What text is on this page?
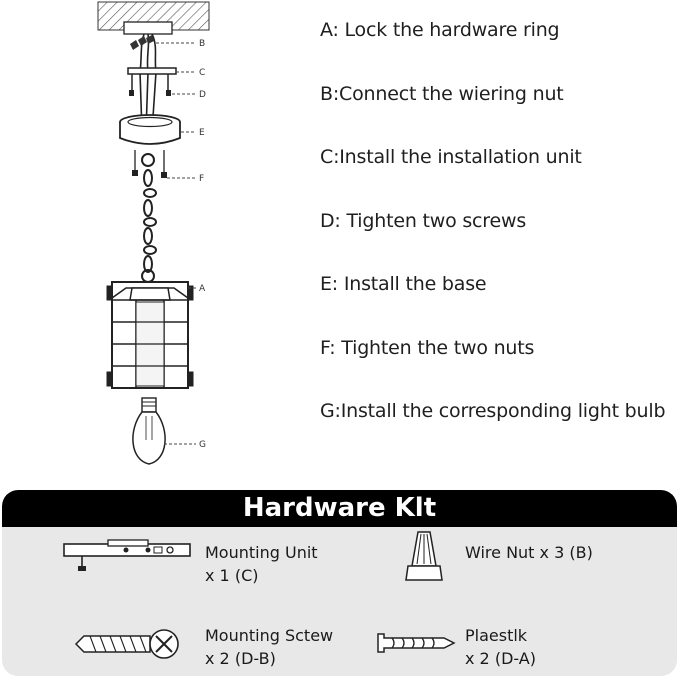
B
C
D
E
F
A
G
A: Lock the hardware ring
B:Connect the wiering nut
C:Install the installation unit
D: Tighten two screws
E: Install the base
F: Tighten the two nuts
G:Install the corresponding light bulb
Hardware Klt
Mounting Unit
x 1 (C)
Wire Nut x 3 (B)
Mounting Sctew
x 2 (D-B)
Plaestlk
x 2 (D-A)
